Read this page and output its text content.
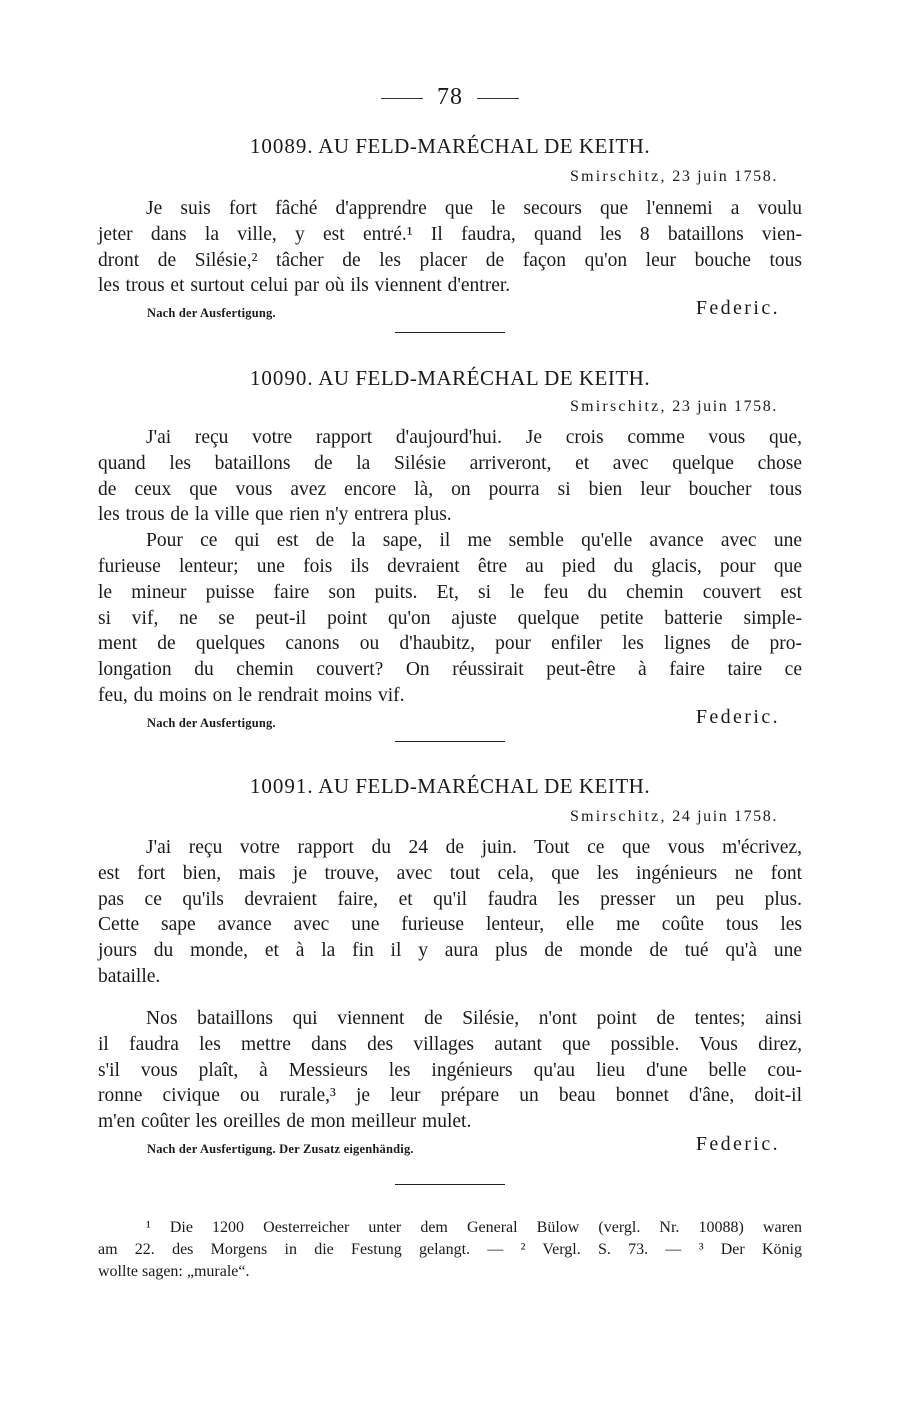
78
10089. AU FELD-MARÉCHAL DE KEITH.
Smirschitz, 23 juin 1758.
Je suis fort fâché d'apprendre que le secours que l'ennemi a voulu
jeter dans la ville, y est entré.¹ Il faudra, quand les 8 bataillons vien-
dront de Silésie,² tâcher de les placer de façon qu'on leur bouche tous
les trous et surtout celui par où ils viennent d'entrer.
Nach der Ausfertigung.	Federic.
10090. AU FELD-MARÉCHAL DE KEITH.
Smirschitz, 23 juin 1758.
J'ai reçu votre rapport d'aujourd'hui. Je crois comme vous que,
quand les bataillons de la Silésie arriveront, et avec quelque chose
de ceux que vous avez encore là, on pourra si bien leur boucher tous
les trous de la ville que rien n'y entrera plus.
Pour ce qui est de la sape, il me semble qu'elle avance avec une
furieuse lenteur; une fois ils devraient être au pied du glacis, pour que
le mineur puisse faire son puits. Et, si le feu du chemin couvert est
si vif, ne se peut-il point qu'on ajuste quelque petite batterie simple-
ment de quelques canons ou d'haubitz, pour enfiler les lignes de pro-
longation du chemin couvert? On réussirait peut-être à faire taire ce
feu, du moins on le rendrait moins vif.
Nach der Ausfertigung.	Federic.
10091. AU FELD-MARÉCHAL DE KEITH.
Smirschitz, 24 juin 1758.
J'ai reçu votre rapport du 24 de juin. Tout ce que vous m'écrivez,
est fort bien, mais je trouve, avec tout cela, que les ingénieurs ne font
pas ce qu'ils devraient faire, et qu'il faudra les presser un peu plus.
Cette sape avance avec une furieuse lenteur, elle me coûte tous les
jours du monde, et à la fin il y aura plus de monde de tué qu'à une
bataille.
Nos bataillons qui viennent de Silésie, n'ont point de tentes; ainsi
il faudra les mettre dans des villages autant que possible. Vous direz,
s'il vous plaît, à Messieurs les ingénieurs qu'au lieu d'une belle cou-
ronne civique ou rurale,³ je leur prépare un beau bonnet d'âne, doit-il
m'en coûter les oreilles de mon meilleur mulet.
Nach der Ausfertigung. Der Zusatz eigenhändig.	Federic.
¹ Die 1200 Oesterreicher unter dem General Bülow (vergl. Nr. 10088) waren
am 22. des Morgens in die Festung gelangt. — ² Vergl. S. 73. — ³ Der König
wollte sagen: „murale“.
